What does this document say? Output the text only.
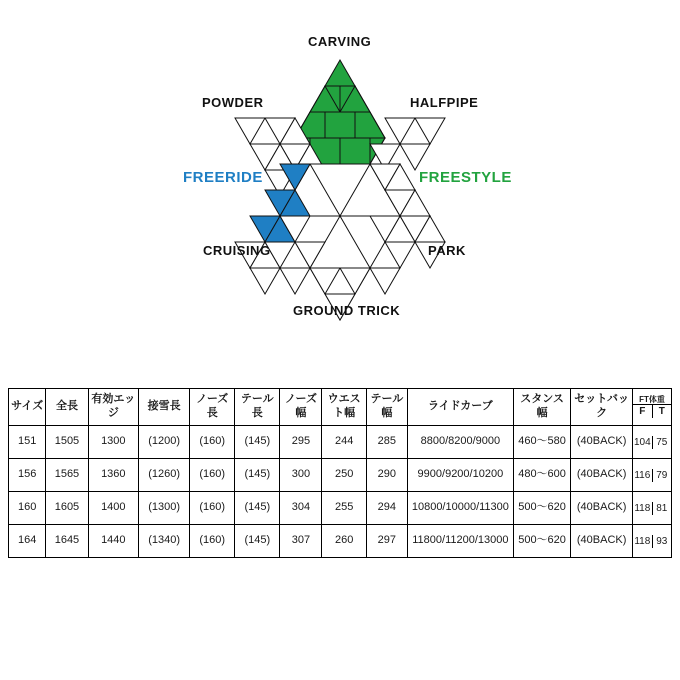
CARVING
POWDER	HALFPIPE
CRUISING	PARK
GROUND TRICK
FREERIDE	FREESTYLE
サイズ	全長	有効エッジ	接雪長	ノーズ長	テール長	ノーズ幅	ウエスト幅	テール幅	ライドカーブ	スタンス幅	セットバック	FT体重
F T

151	1505	1300	(1200)	(160)	(145)	295	244	285	8800/8200/9000	460〜580	(40BACK)	104 75

156	1565	1360	(1260)	(160)	(145)	300	250	290	9900/9200/10200	480〜600	(40BACK)	116 79

160	1605	1400	(1300)	(160)	(145)	304	255	294	10800/10000/11300	500〜620	(40BACK)	118 81

164	1645	1440	(1340)	(160)	(145)	307	260	297	11800/11200/13000	500〜620	(40BACK)	118 93
